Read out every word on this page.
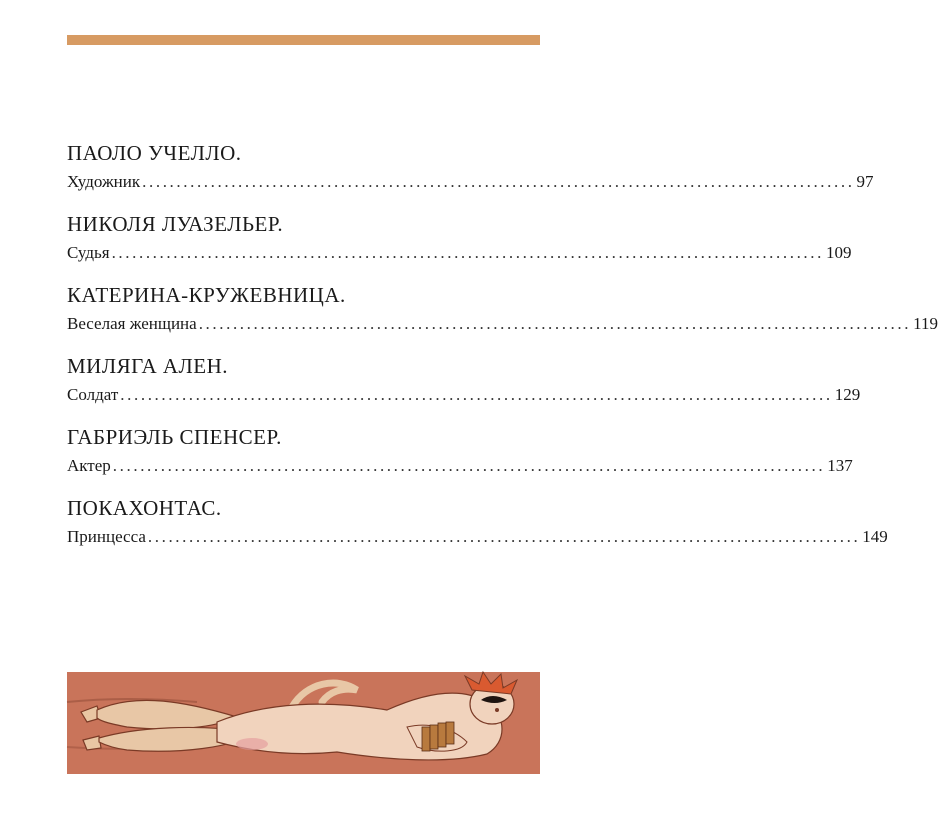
ПАОЛО УЧЕЛЛО.
Художник ........................................................................................................ 97
НИКОЛЯ ЛУАЗЕЛЬЕР.
Судья ........................................................................................................ 109
КАТЕРИНА-КРУЖЕВНИЦА.
Веселая женщина ........................................................................................................ 119
МИЛЯГА АЛЕН.
Солдат ........................................................................................................ 129
ГАБРИЭЛЬ СПЕНСЕР.
Актер ........................................................................................................ 137
ПОКАХОНТАС.
Принцесса ........................................................................................................ 149
